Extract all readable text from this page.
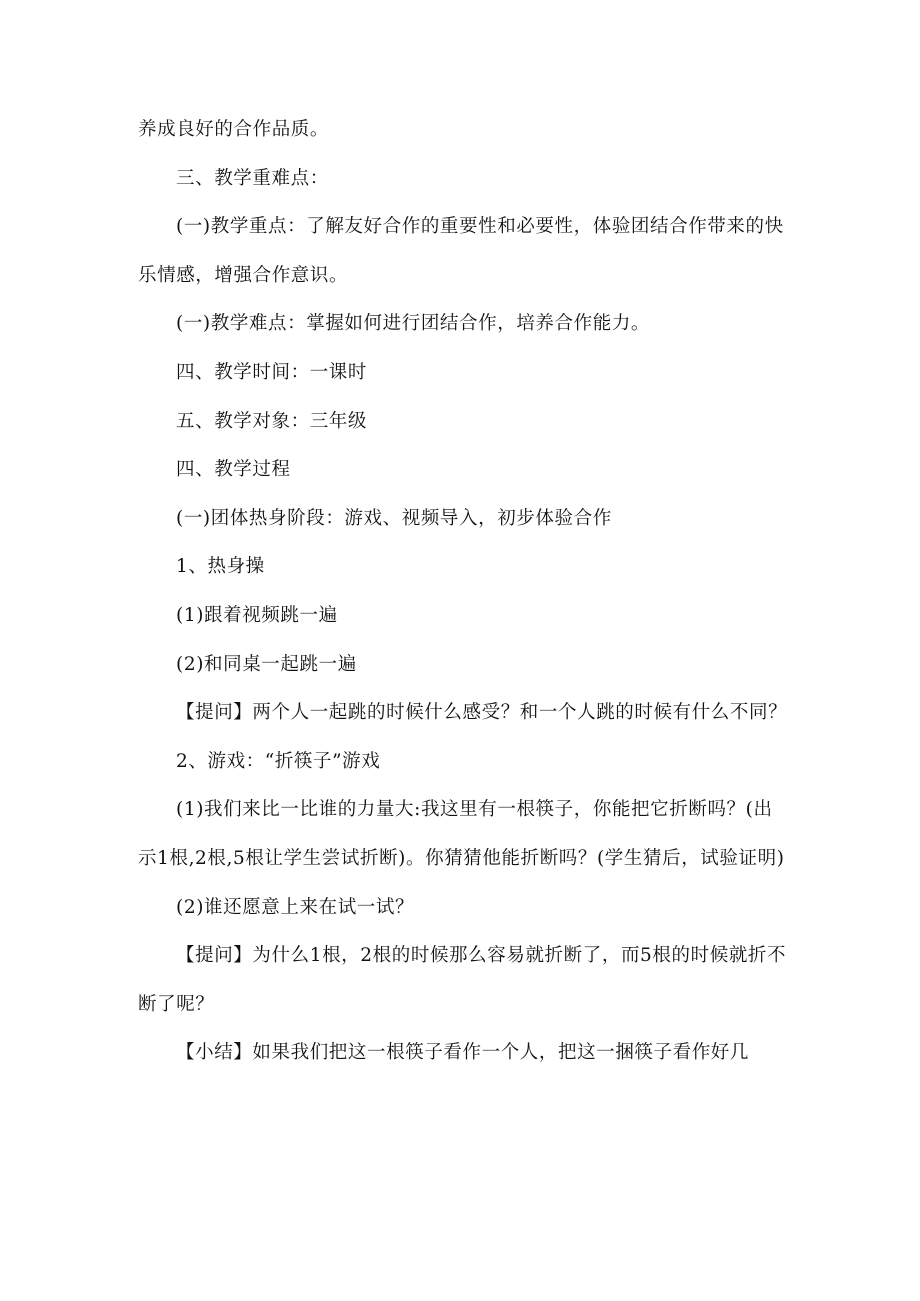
养成良好的合作品质。

三、教学重难点：

(一)教学重点：了解友好合作的重要性和必要性，体验团结合作带来的快乐情感，增强合作意识。

(一)教学难点：掌握如何进行团结合作，培养合作能力。

四、教学时间：一课时

五、教学对象：三年级

四、教学过程

(一)团体热身阶段：游戏、视频导入，初步体验合作

1、热身操

(1)跟着视频跳一遍

(2)和同桌一起跳一遍

【提问】两个人一起跳的时候什么感受？和一个人跳的时候有什么不同？

2、游戏：“折筷子”游戏

(1)我们来比一比谁的力量大:我这里有一根筷子，你能把它折断吗？(出示1根,2根,5根让学生尝试折断)。你猜猜他能折断吗？(学生猜后，试验证明)

(2)谁还愿意上来在试一试？

【提问】为什么1根，2根的时候那么容易就折断了，而5根的时候就折不断了呢？

【小结】如果我们把这一根筷子看作一个人，把这一捆筷子看作好几
